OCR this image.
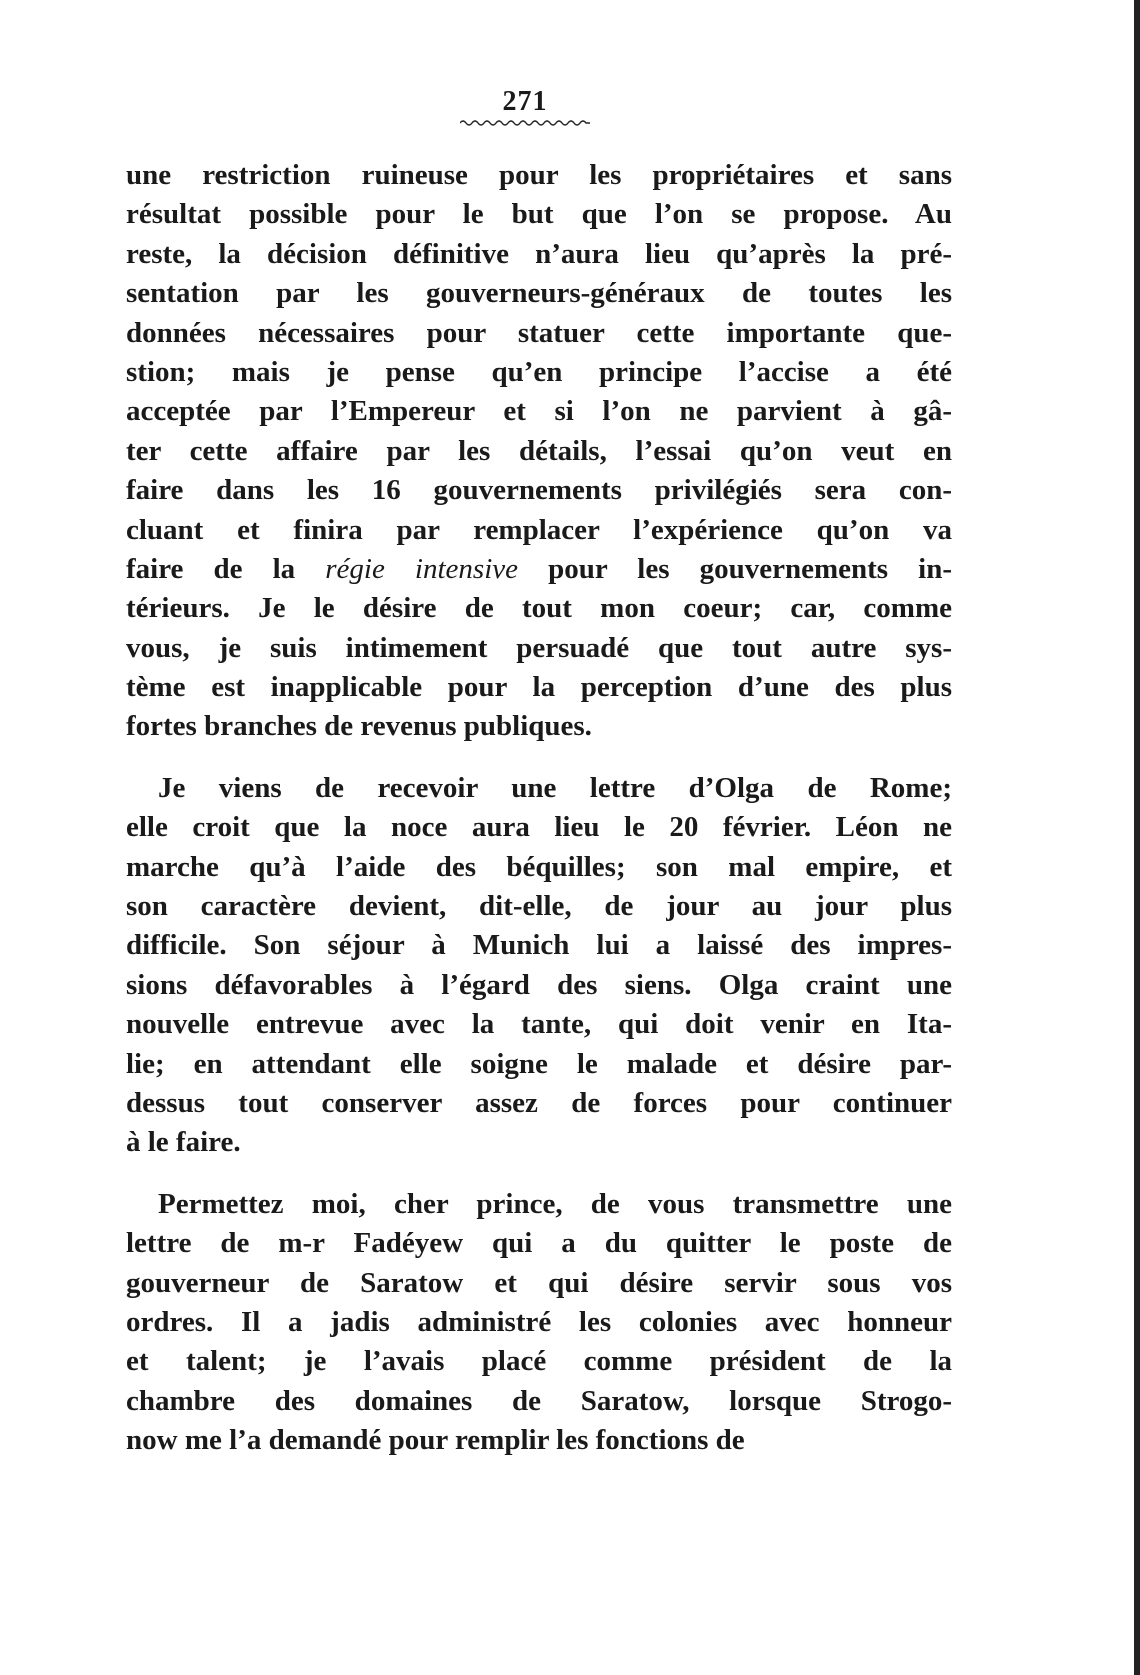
271
une restriction ruineuse pour les propriétaires et sans
résultat possible pour le but que l’on se propose. Au
reste, la décision définitive n’aura lieu qu’après la pré-
sentation par les gouverneurs-généraux de toutes les
données nécessaires pour statuer cette importante que-
stion; mais je pense qu’en principe l’accise a été
acceptée par l’Empereur et si l’on ne parvient à gâ-
ter cette affaire par les détails, l’essai qu’on veut en
faire dans les 16 gouvernements privilégiés sera con-
cluant et finira par remplacer l’expérience qu’on va
faire de la régie intensive pour les gouvernements in-
térieurs. Je le désire de tout mon coeur; car, comme
vous, je suis intimement persuadé que tout autre sys-
tème est inapplicable pour la perception d’une des plus
fortes branches de revenus publiques.
Je viens de recevoir une lettre d’Olga de Rome;
elle croit que la noce aura lieu le 20 février. Léon ne
marche qu’à l’aide des béquilles; son mal empire, et
son caractère devient, dit-elle, de jour au jour plus
difficile. Son séjour à Munich lui a laissé des impres-
sions défavorables à l’égard des siens. Olga craint une
nouvelle entrevue avec la tante, qui doit venir en Ita-
lie; en attendant elle soigne le malade et désire par-
dessus tout conserver assez de forces pour continuer
à le faire.
Permettez moi, cher prince, de vous transmettre une
lettre de m-r Fadéyew qui a du quitter le poste de
gouverneur de Saratow et qui désire servir sous vos
ordres. Il a jadis administré les colonies avec honneur
et talent; je l’avais placé comme président de la
chambre des domaines de Saratow, lorsque Strogo-
now me l’a demandé pour remplir les fonctions de
